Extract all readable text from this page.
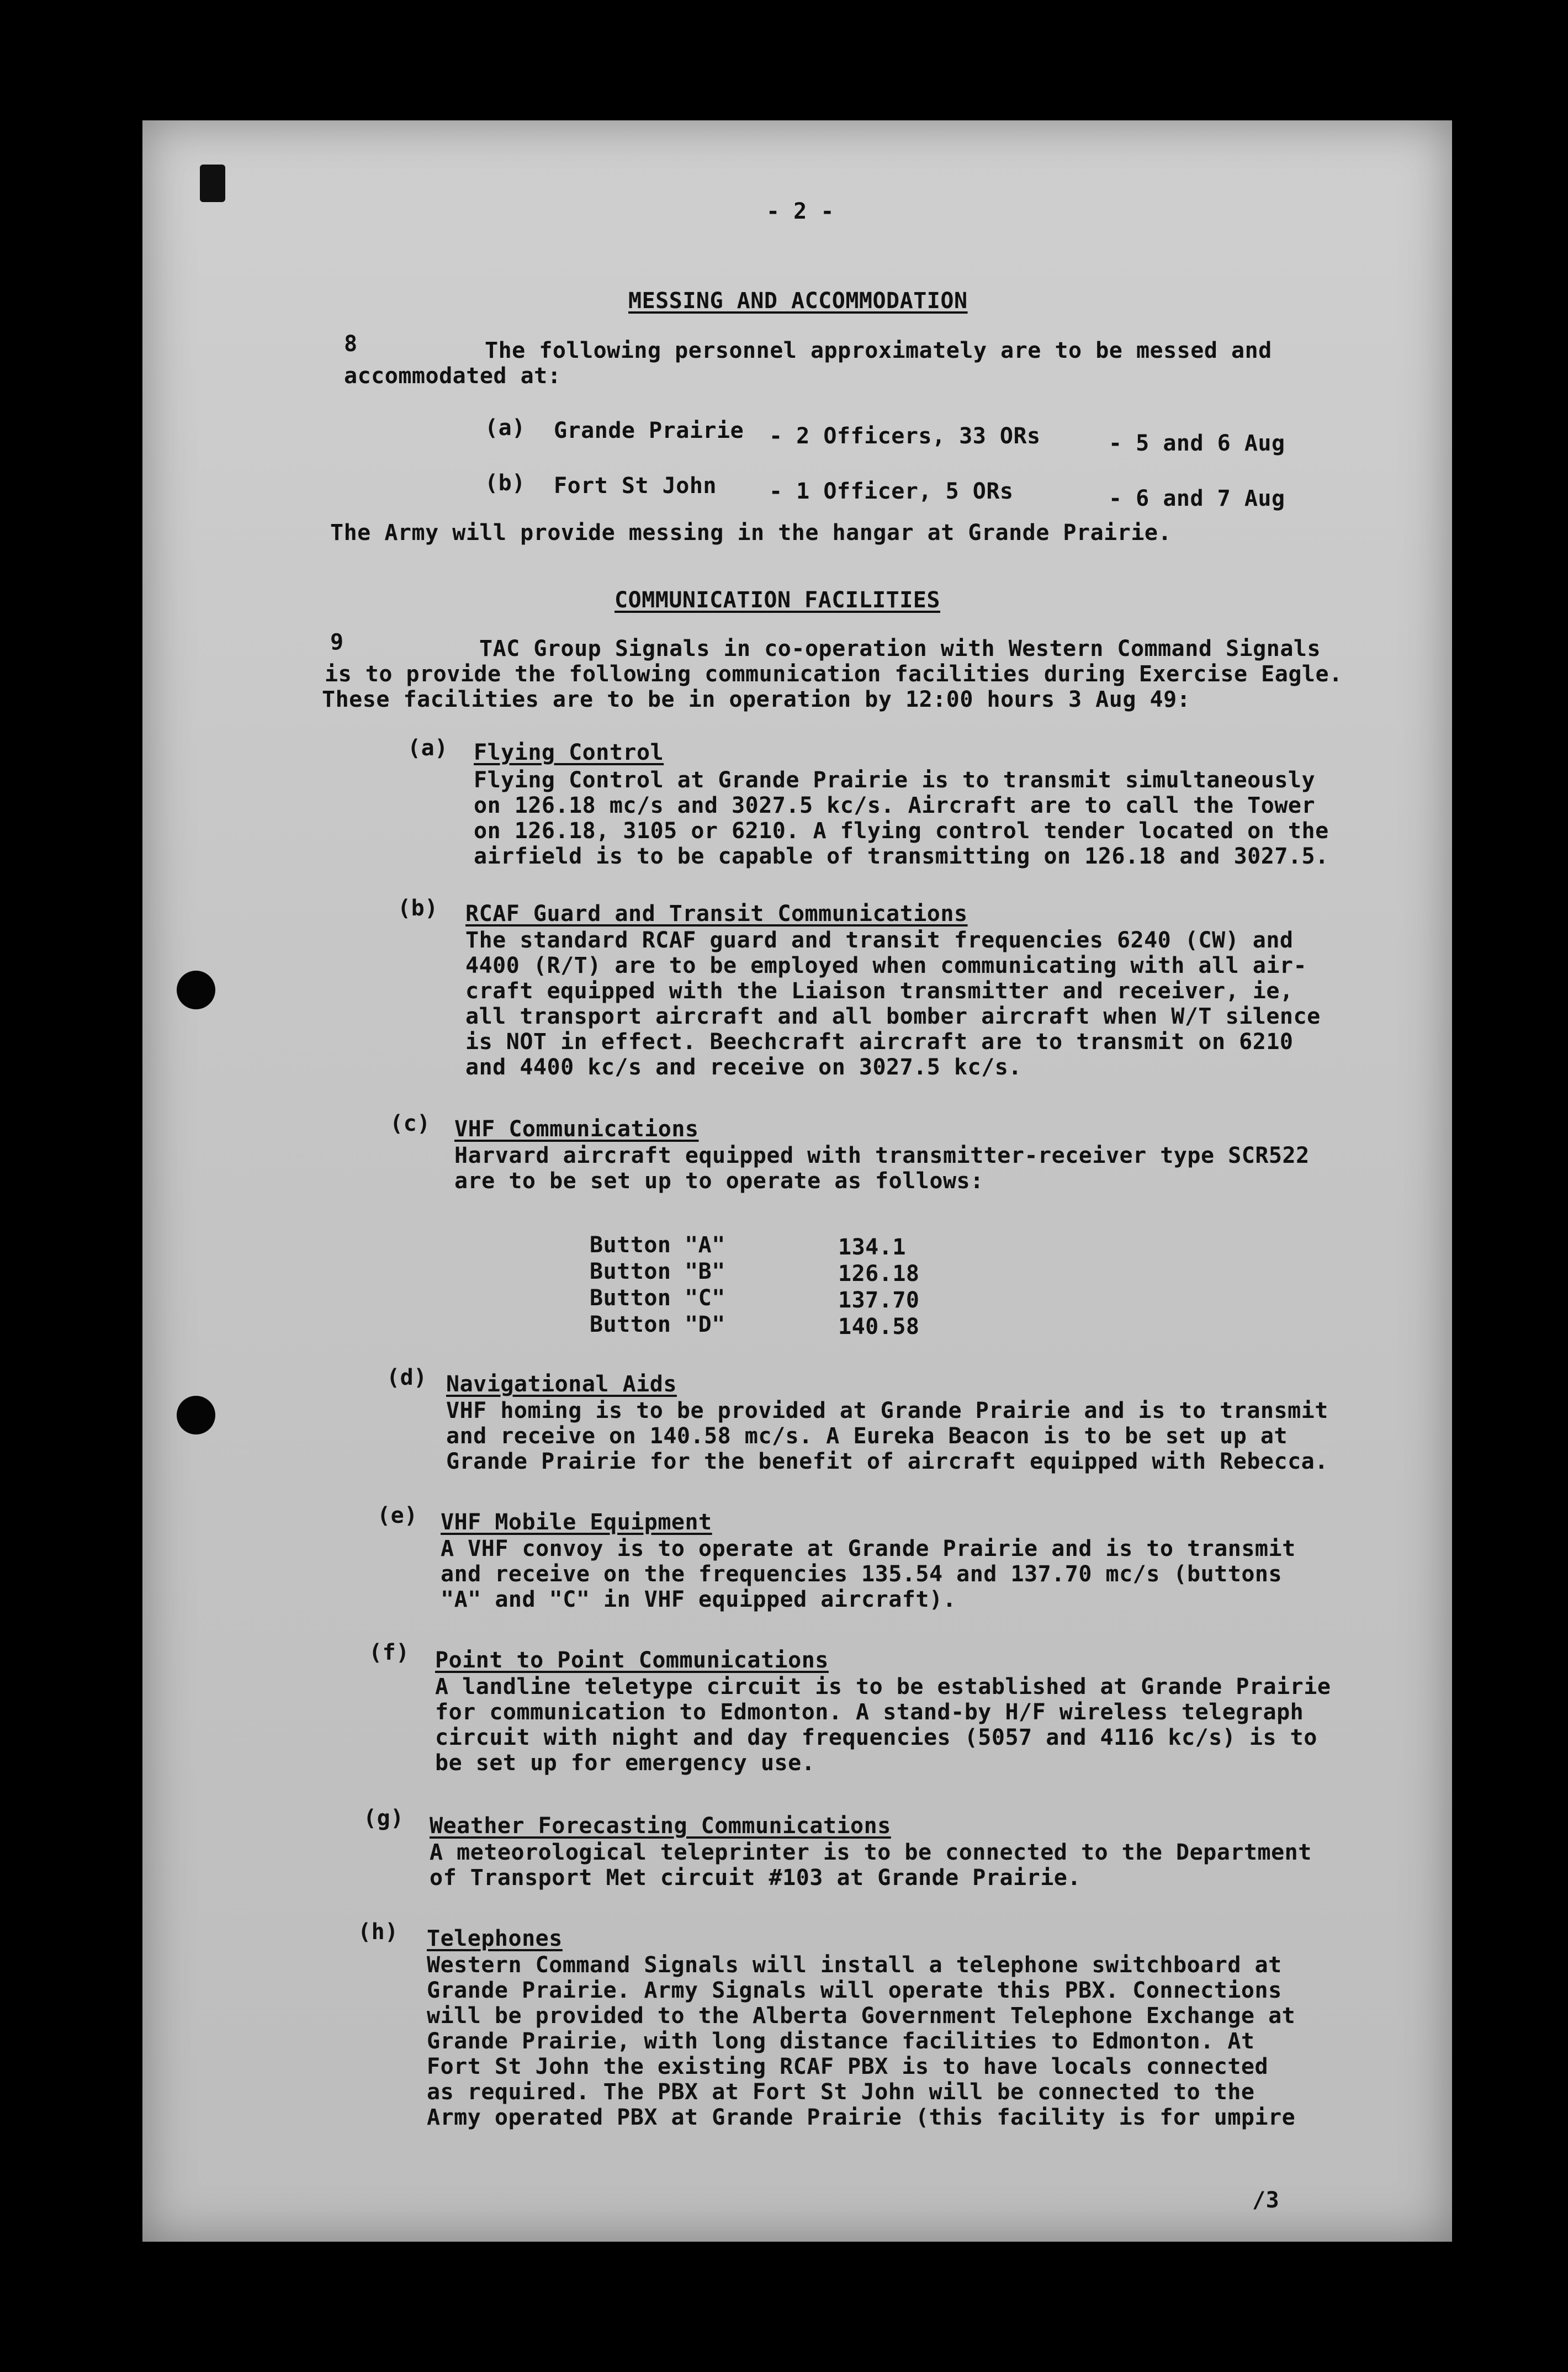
- 2 -
MESSING AND ACCOMMODATION
8	The following personnel approximately are to be messed and
accommodated at:
(a) Grande Prairie - 2 Officers, 33 ORs	- 5 and 6 Aug
(b) Fort St John - 1 Officer, 5 ORs	- 6 and 7 Aug
The Army will provide messing in the hangar at Grande Prairie.
COMMUNICATION FACILITIES
9	TAC Group Signals in co-operation with Western Command Signals
is to provide the following communication facilities during Exercise Eagle.
These facilities are to be in operation by 12:00 hours 3 Aug 49:
(a) Flying Control
Flying Control at Grande Prairie is to transmit simultaneously
on 126.18 mc/s and 3027.5 kc/s. Aircraft are to call the Tower
on 126.18, 3105 or 6210. A flying control tender located on the
airfield is to be capable of transmitting on 126.18 and 3027.5.
(b) RCAF Guard and Transit Communications
The standard RCAF guard and transit frequencies 6240 (CW) and
4400 (R/T) are to be employed when communicating with all air-
craft equipped with the Liaison transmitter and receiver, ie,
all transport aircraft and all bomber aircraft when W/T silence
is NOT in effect. Beechcraft aircraft are to transmit on 6210
and 4400 kc/s and receive on 3027.5 kc/s.
(c) VHF Communications
Harvard aircraft equipped with transmitter-receiver type SCR522
are to be set up to operate as follows:
Button "A"	134.1
Button "B"	126.18
Button "C"	137.70
Button "D"	140.58
(d) Navigational Aids
VHF homing is to be provided at Grande Prairie and is to transmit
and receive on 140.58 mc/s. A Eureka Beacon is to be set up at
Grande Prairie for the benefit of aircraft equipped with Rebecca.
(e) VHF Mobile Equipment
A VHF convoy is to operate at Grande Prairie and is to transmit
and receive on the frequencies 135.54 and 137.70 mc/s (buttons
"A" and "C" in VHF equipped aircraft).
(f) Point to Point Communications
A landline teletype circuit is to be established at Grande Prairie
for communication to Edmonton. A stand-by H/F wireless telegraph
circuit with night and day frequencies (5057 and 4116 kc/s) is to
be set up for emergency use.
(g) Weather Forecasting Communications
A meteorological teleprinter is to be connected to the Department
of Transport Met circuit #103 at Grande Prairie.
(h) Telephones
Western Command Signals will install a telephone switchboard at
Grande Prairie. Army Signals will operate this PBX. Connections
will be provided to the Alberta Government Telephone Exchange at
Grande Prairie, with long distance facilities to Edmonton. At
Fort St John the existing RCAF PBX is to have locals connected
as required. The PBX at Fort St John will be connected to the
Army operated PBX at Grande Prairie (this facility is for umpire
/3
